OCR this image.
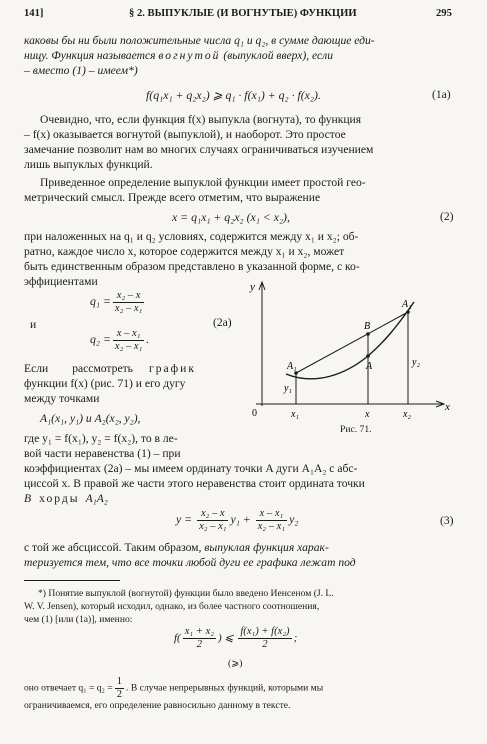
141]	§ 2. ВЫПУКЛЫЕ (И ВОГНУТЫЕ) ФУНКЦИИ	295
каковы бы ни были положительные числа q₁ и q₂, в сумме дающие еди-
ницу. Функция называется вогнутой (выпуклой вверх), если
– вместо (1) – имеем*)
f(q₁x₁ + q₂x₂) ⩾ q₁ · f(x₁) + q₂ · f(x₂).	(1a)
Очевидно, что, если функция f(x) выпукла (вогнута), то функция
– f(x) оказывается вогнутой (выпуклой), и наоборот. Это простое
замечание позволит нам во многих случаях ограничиваться изучением
лишь выпуклых функций.
Приведенное определение выпуклой функции имеет простой гео-
метрический смысл. Прежде всего отметим, что выражение
x = q₁x₁ + q₂x₂ (x₁ < x₂),	(2)
при наложенных на q₁ и q₂ условиях, содержится между x₁ и x₂; об-
ратно, каждое число x, которое содержится между x₁ и x₂, может
быть единственным образом представлено в указанной форме, с ко-
эффициентами
$q_1 = \frac{\text{x₂ – x}}{\text{x₂ – x₁}}$
и
$q_2 = \frac{\text{x – x₁}}{\text{x₂ – x₁}}$ .
(2a)
Если рассмотреть график
функции f(x) (рис. 71) и его дугу
между точками
A₁(x₁, y₁) и A₂(x₂, y₂),
где y₁ = f(x₁), y₂ = f(x₂), то в ле-
вой части неравенства (1) – при
y
x
0
A₁
A₂
B
A
y₁
y₂
x₁	x	x₂
Рис. 71.
коэффициентах (2a) – мы имеем ординату точки A дуги A₁A₂ с абс-
циссой x. В правой же части этого неравенства стоит ордината точки
B хорды A₁A₂
$y = \frac{\text{x₂ – x}}{\text{x₂ – x₁}} y_1 + \frac{\text{x – x₁}}{\text{x₂ – x₁}} y_2$	(3)
с той же абсциссой. Таким образом, выпуклая функция харак-
теризуется тем, что все точки любой дуги ее графика лежат под
*) Понятие выпуклой (вогнутой) функции было введено Иенсеном (J. L.
W. V. Jensen), который исходил, однако, из более частного соотношения,
чем (1) [или (1a)], именно:
$f( \frac{\text{x₁ + x₂}}{2}$ ) ⩽ $\frac{\text{f(x₁) + f(x₂)}}{2}$ ;
(⩾)
оно отвечает $q_1 = q_2 = \frac{1}{2}$ . В случае непрерывных функций, которыми мы
ограничиваемся, его определение равносильно данному в тексте.
